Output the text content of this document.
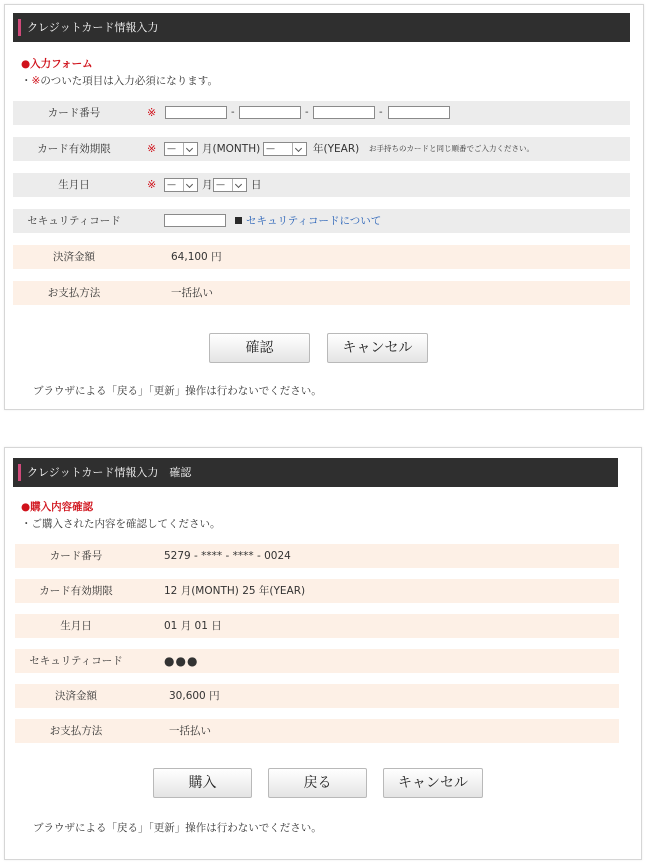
クレジットカード情報入力
●入力フォーム
・※のついた項目は入力必須になります。
カード番号	※	-	-	-
カード有効期限	※	—	月(MONTH) —	年(YEAR) お手持ちのカードと同じ順番でご入力ください。
生月日	※	—	月 —	日
セキュリティコード	セキュリティコードについて
決済金額	64,100 円
お支払方法	一括払い
確認	キャンセル
ブラウザによる「戻る」「更新」操作は行わないでください。
クレジットカード情報入力　確認
●購入内容確認
・ご購入された内容を確認してください。
カード番号	5279 - **** - **** - 0024
カード有効期限	12 月(MONTH) 25 年(YEAR)
生月日	01 月 01 日
セキュリティコード	●●●
決済金額	30,600 円
お支払方法	一括払い
購入	戻る	キャンセル
ブラウザによる「戻る」「更新」操作は行わないでください。
